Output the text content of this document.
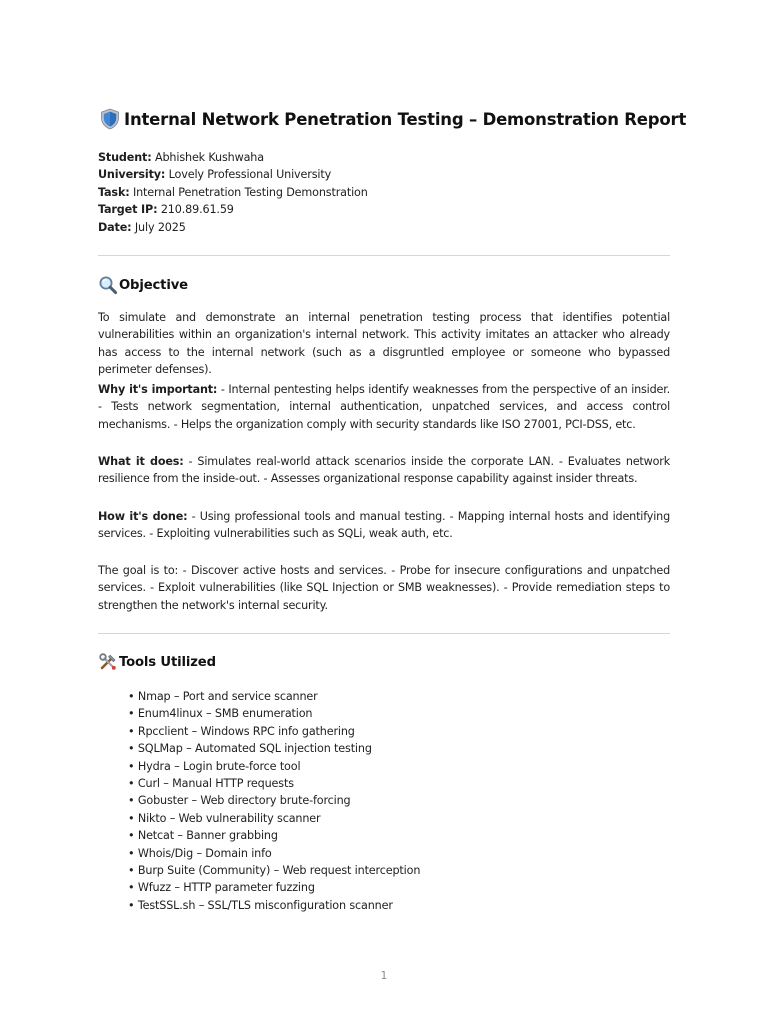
Internal Network Penetration Testing – Demonstration Report
Student: Abhishek Kushwaha
University: Lovely Professional University
Task: Internal Penetration Testing Demonstration
Target IP: 210.89.61.59
Date: July 2025
Objective
To simulate and demonstrate an internal penetration testing process that identifies potential vulnerabilities within an organization's internal network. This activity imitates an attacker who already has access to the internal network (such as a disgruntled employee or someone who bypassed perimeter defenses).
Why it's important: - Internal pentesting helps identify weaknesses from the perspective of an insider. - Tests network segmentation, internal authentication, unpatched services, and access control mechanisms. - Helps the organization comply with security standards like ISO 27001, PCI-DSS, etc.
What it does: - Simulates real-world attack scenarios inside the corporate LAN. - Evaluates network resilience from the inside-out. - Assesses organizational response capability against insider threats.
How it's done: - Using professional tools and manual testing. - Mapping internal hosts and identifying services. - Exploiting vulnerabilities such as SQLi, weak auth, etc.
The goal is to: - Discover active hosts and services. - Probe for insecure configurations and unpatched services. - Exploit vulnerabilities (like SQL Injection or SMB weaknesses). - Provide remediation steps to strengthen the network's internal security.
Tools Utilized
• Nmap – Port and service scanner
• Enum4linux – SMB enumeration
• Rpcclient – Windows RPC info gathering
• SQLMap – Automated SQL injection testing
• Hydra – Login brute-force tool
• Curl – Manual HTTP requests
• Gobuster – Web directory brute-forcing
• Nikto – Web vulnerability scanner
• Netcat – Banner grabbing
• Whois/Dig – Domain info
• Burp Suite (Community) – Web request interception
• Wfuzz – HTTP parameter fuzzing
• TestSSL.sh – SSL/TLS misconfiguration scanner
1
